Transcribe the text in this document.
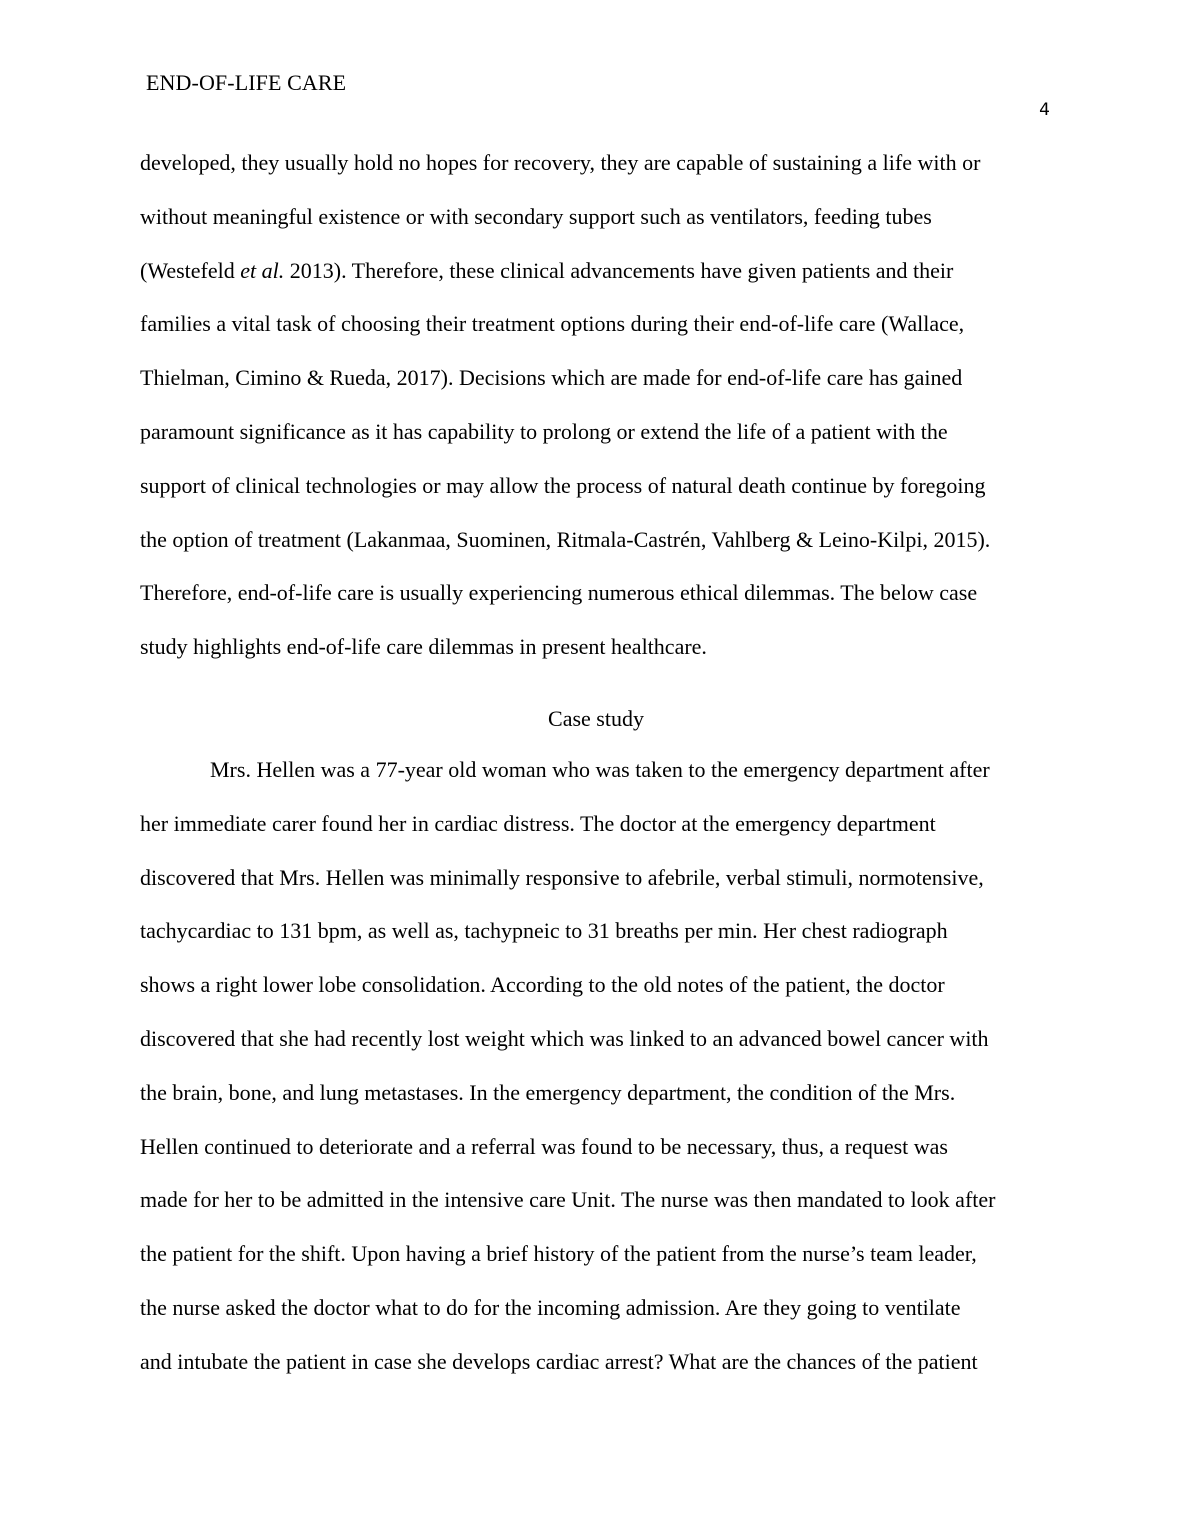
END-OF-LIFE CARE
4
developed, they usually hold no hopes for recovery, they are capable of sustaining a life with or
without meaningful existence or with secondary support such as ventilators, feeding tubes
(Westefeld et al. 2013). Therefore, these clinical advancements have given patients and their
families a vital task of choosing their treatment options during their end-of-life care (Wallace,
Thielman, Cimino & Rueda, 2017). Decisions which are made for end-of-life care has gained
paramount significance as it has capability to prolong or extend the life of a patient with the
support of clinical technologies or may allow the process of natural death continue by foregoing
the option of treatment (Lakanmaa, Suominen, Ritmala-Castrén, Vahlberg & Leino-Kilpi, 2015).
Therefore, end-of-life care is usually experiencing numerous ethical dilemmas. The below case
study highlights end-of-life care dilemmas in present healthcare.
Case study
Mrs. Hellen was a 77-year old woman who was taken to the emergency department after
her immediate carer found her in cardiac distress. The doctor at the emergency department
discovered that Mrs. Hellen was minimally responsive to afebrile, verbal stimuli, normotensive,
tachycardiac to 131 bpm, as well as, tachypneic to 31 breaths per min. Her chest radiograph
shows a right lower lobe consolidation. According to the old notes of the patient, the doctor
discovered that she had recently lost weight which was linked to an advanced bowel cancer with
the brain, bone, and lung metastases. In the emergency department, the condition of the Mrs.
Hellen continued to deteriorate and a referral was found to be necessary, thus, a request was
made for her to be admitted in the intensive care Unit. The nurse was then mandated to look after
the patient for the shift. Upon having a brief history of the patient from the nurse’s team leader,
the nurse asked the doctor what to do for the incoming admission. Are they going to ventilate
and intubate the patient in case she develops cardiac arrest? What are the chances of the patient
